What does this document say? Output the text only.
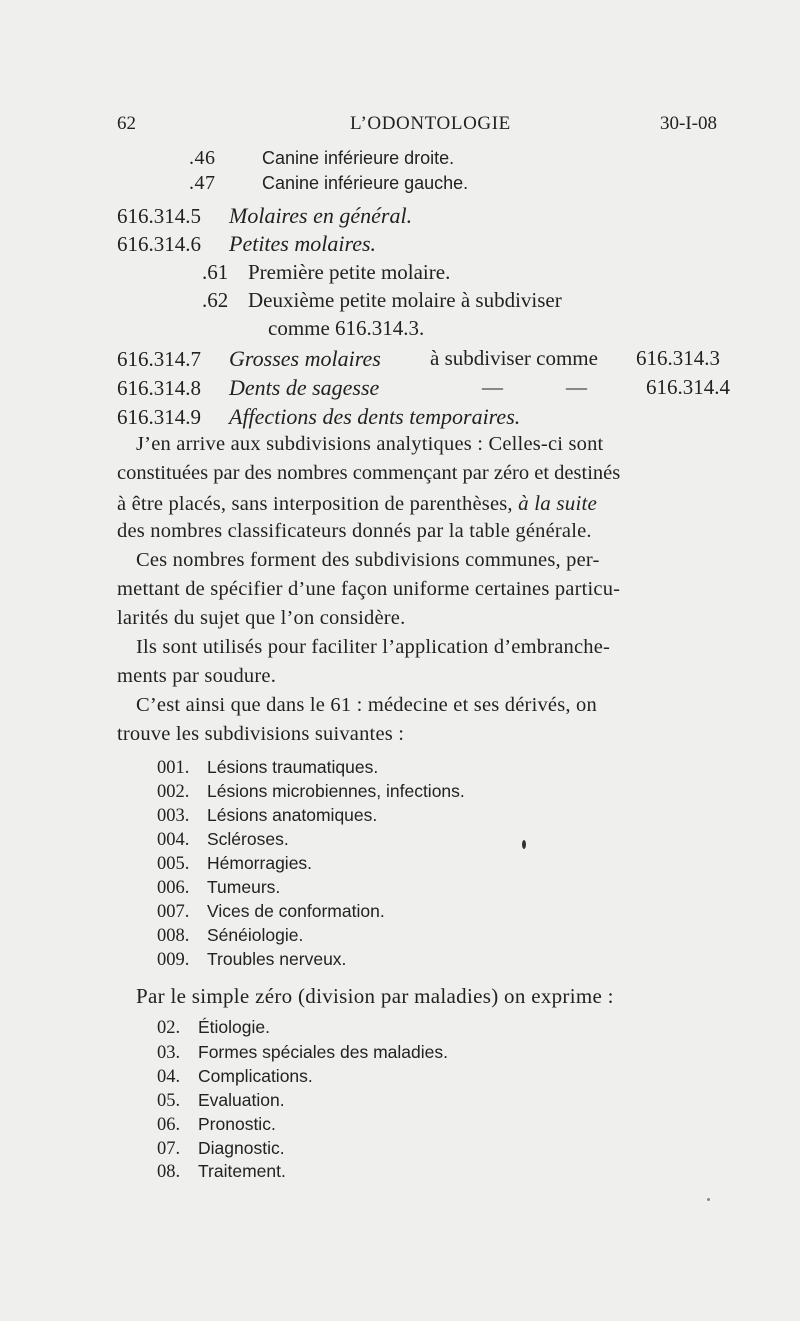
62	L’ODONTOLOGIE	30-I-08
.46	Canine inférieure droite.
.47	Canine inférieure gauche.
616.314.5 Molaires en général.
616.314.6 Petites molaires.
.61 Première petite molaire.
.62 Deuxième petite molaire à subdiviser
comme 616.314.3.
616.314.7 Grosses molaires à subdiviser comme 616.314.3
616.314.8 Dents de sagesse	—	—	616.314.4
616.314.9 Affections des dents temporaires.
J’en arrive aux subdivisions analytiques : Celles-ci sont
constituées par des nombres commençant par zéro et destinés
à être placés, sans interposition de parenthèses, à la suite
des nombres classificateurs donnés par la table générale.
Ces nombres forment des subdivisions communes, per-
mettant de spécifier d’une façon uniforme certaines particu-
larités du sujet que l’on considère.
Ils sont utilisés pour faciliter l’application d’embranche-
ments par soudure.
C’est ainsi que dans le 61 : médecine et ses dérivés, on
trouve les subdivisions suivantes :
001. Lésions traumatiques.
002. Lésions microbiennes, infections.
003. Lésions anatomiques.
004. Scléroses.
005. Hémorragies.
006. Tumeurs.
007. Vices de conformation.
008. Sénéiologie.
009. Troubles nerveux.
Par le simple zéro (division par maladies) on exprime :
02. Étiologie.
03. Formes spéciales des maladies.
04. Complications.
05. Evaluation.
06. Pronostic.
07. Diagnostic.
08. Traitement.
